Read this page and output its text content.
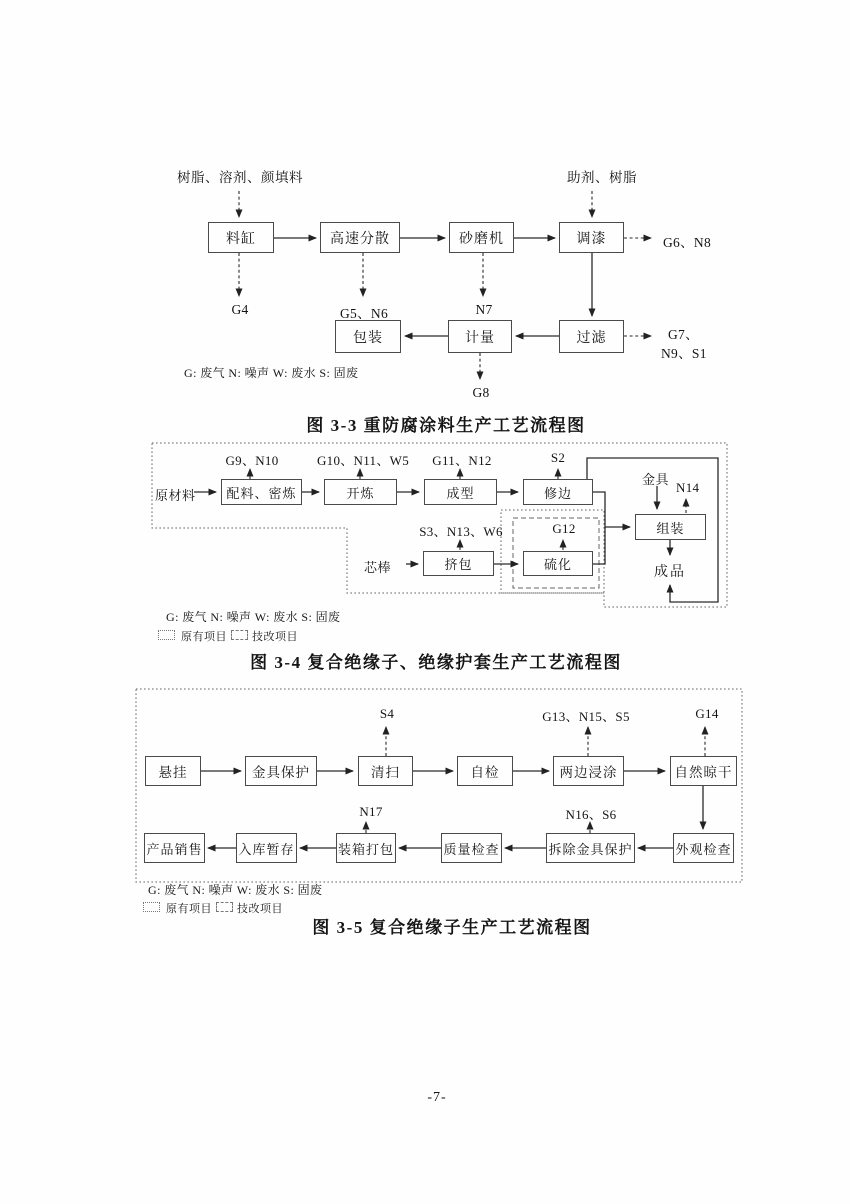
树脂、溶剂、颜填料	助剂、树脂
料缸	高速分散	砂磨机	调漆
包装	计量	过滤
G4	G5、N6	N7
G6、N8
G7、
N9、S1
G8
G: 废气 N: 噪声 W: 废水 S: 固废
图 3-3 重防腐涂料生产工艺流程图
原材料	配料、密炼	开炼	成型	修边
挤包	硫化
组装
芯棒
金具
成品
G9、N10	G10、N11、W5 G11、N12	S2
S3、N13、W6	G12
N14
G: 废气 N: 噪声 W: 废水 S: 固废
原有项目 技改项目
图 3-4 复合绝缘子、绝缘护套生产工艺流程图
悬挂	金具保护	清扫	自检	两边浸涂	自然晾干
产品销售	入库暂存	装箱打包	质量检查	拆除金具保护	外观检查
S4	G13、N15、S5	G14
N17	N16、S6
G: 废气 N: 噪声 W: 废水 S: 固废
原有项目 技改项目
图 3-5 复合绝缘子生产工艺流程图
-7-
